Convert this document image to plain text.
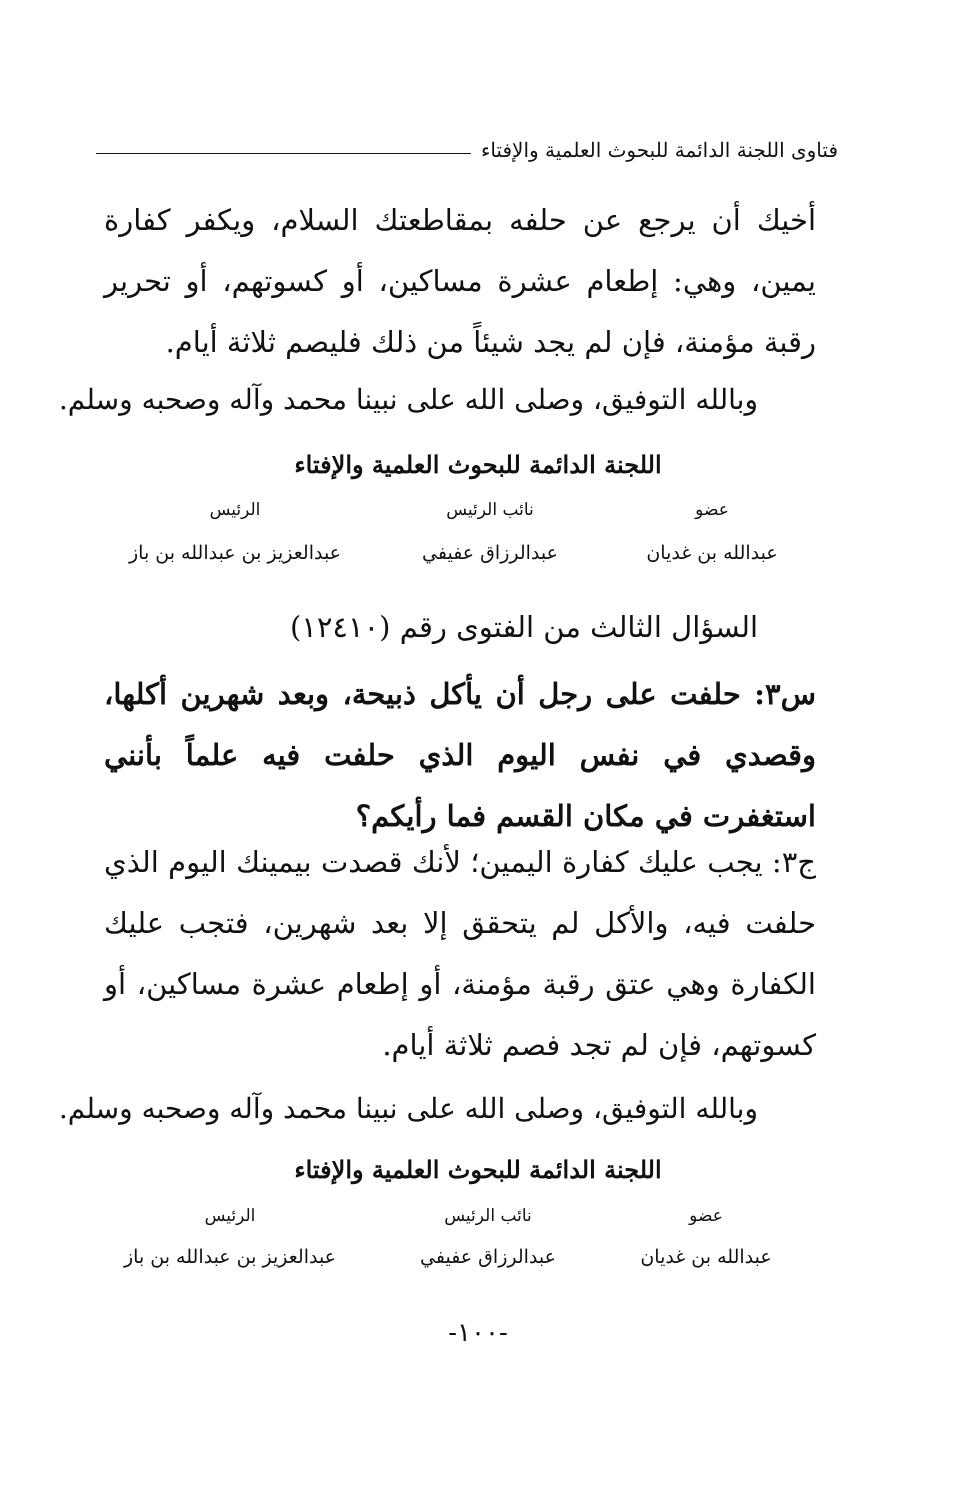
فتاوى اللجنة الدائمة للبحوث العلمية والإفتاء

أخيك أن يرجع عن حلفه بمقاطعتك السلام، ويكفر كفارة يمين، وهي: إطعام عشرة مساكين، أو كسوتهم، أو تحرير رقبة مؤمنة، فإن لم يجد شيئاً من ذلك فليصم ثلاثة أيام.

وبالله التوفيق، وصلى الله على نبينا محمد وآله وصحبه وسلم.

اللجنة الدائمة للبحوث العلمية والإفتاء

عضو
نائب الرئيس
الرئيس
عبدالله بن غديان
عبدالرزاق عفيفي
عبدالعزيز بن عبدالله بن باز

السؤال الثالث من الفتوى رقم (١٢٤١٠)

س٣: حلفت على رجل أن يأكل ذبيحة، وبعد شهرين أكلها، وقصدي في نفس اليوم الذي حلفت فيه علماً بأنني استغفرت في مكان القسم فما رأيكم؟

ج٣: يجب عليك كفارة اليمين؛ لأنك قصدت بيمينك اليوم الذي حلفت فيه، والأكل لم يتحقق إلا بعد شهرين، فتجب عليك الكفارة وهي عتق رقبة مؤمنة، أو إطعام عشرة مساكين، أو كسوتهم، فإن لم تجد فصم ثلاثة أيام.

وبالله التوفيق، وصلى الله على نبينا محمد وآله وصحبه وسلم.

اللجنة الدائمة للبحوث العلمية والإفتاء

عضو
نائب الرئيس
الرئيس
عبدالله بن غديان
عبدالرزاق عفيفي
عبدالعزيز بن عبدالله بن باز

-١٠٠-
